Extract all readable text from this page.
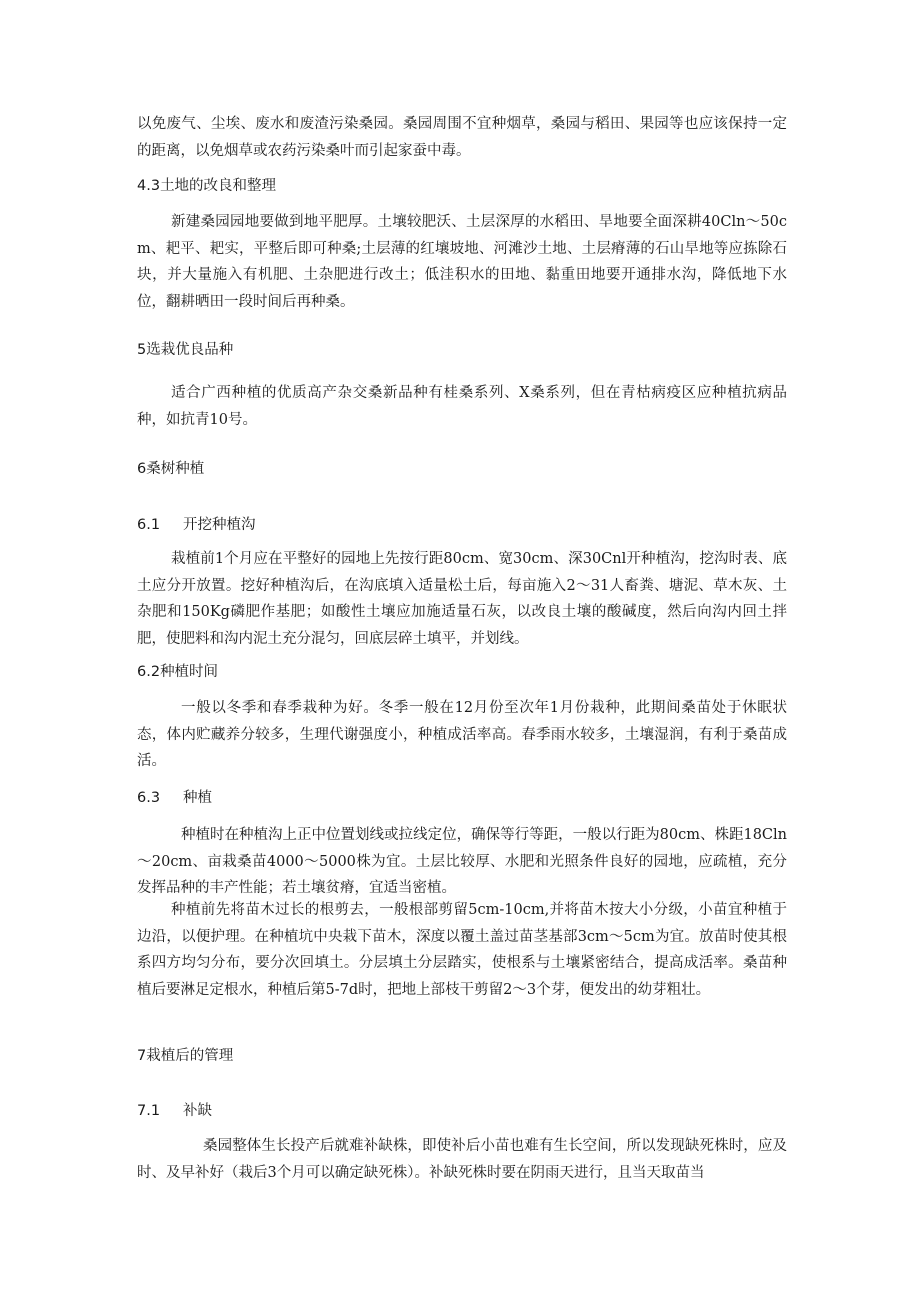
以免废气、尘埃、废水和废渣污染桑园。桑园周围不宜种烟草，桑园与稻田、果园等也应该保持一定的距离，以免烟草或农药污染桑叶而引起家蚕中毒。

4.3土地的改良和整理

新建桑园园地要做到地平肥厚。土壤较肥沃、土层深厚的水稻田、旱地要全面深耕40Cln～50cm、耙平、耙实，平整后即可种桑;土层薄的红壤坡地、河滩沙土地、土层瘠薄的石山旱地等应拣除石块，并大量施入有机肥、土杂肥进行改土；低洼积水的田地、黏重田地要开通排水沟，降低地下水位，翻耕晒田一段时间后再种桑。

5选栽优良品种

适合广西种植的优质高产杂交桑新品种有桂桑系列、X桑系列，但在青枯病疫区应种植抗病品种，如抗青10号。

6桑树种植
6.1 开挖种植沟

栽植前1个月应在平整好的园地上先按行距80cm、宽30cm、深30Cnl开种植沟，挖沟时表、底土应分开放置。挖好种植沟后，在沟底填入适量松土后，每亩施入2～31人畜粪、塘泥、草木灰、土杂肥和150Kg磷肥作基肥；如酸性土壤应加施适量石灰，以改良土壤的酸碱度，然后向沟内回土拌肥，使肥料和沟内泥土充分混匀，回底层碎土填平，并划线。

6.2种植时间

一般以冬季和春季栽种为好。冬季一般在12月份至次年1月份栽种，此期间桑苗处于休眠状态，体内贮藏养分较多，生理代谢强度小，种植成活率高。春季雨水较多，土壤湿润，有利于桑苗成活。

6.3 种植

种植时在种植沟上正中位置划线或拉线定位，确保等行等距，一般以行距为80cm、株距18Cln～20cm、亩栽桑苗4000～5000株为宜。土层比较厚、水肥和光照条件良好的园地，应疏植，充分发挥品种的丰产性能；若土壤贫瘠，宜适当密植。

种植前先将苗木过长的根剪去，一般根部剪留5cm-10cm,并将苗木按大小分级，小苗宜种植于边沿，以便护理。在种植坑中央栽下苗木，深度以覆土盖过苗茎基部3cm～5cm为宜。放苗时使其根系四方均匀分布，要分次回填土。分层填土分层踏实，使根系与土壤紧密结合，提高成活率。桑苗种植后要淋足定根水，种植后第5-7d时，把地上部枝干剪留2～3个芽，便发出的幼芽粗壮。

7栽植后的管理
7.1 补缺

桑园整体生长投产后就难补缺株，即使补后小苗也难有生长空间，所以发现缺死株时，应及时、及早补好（栽后3个月可以确定缺死株）。补缺死株时要在阴雨天进行，且当天取苗当
